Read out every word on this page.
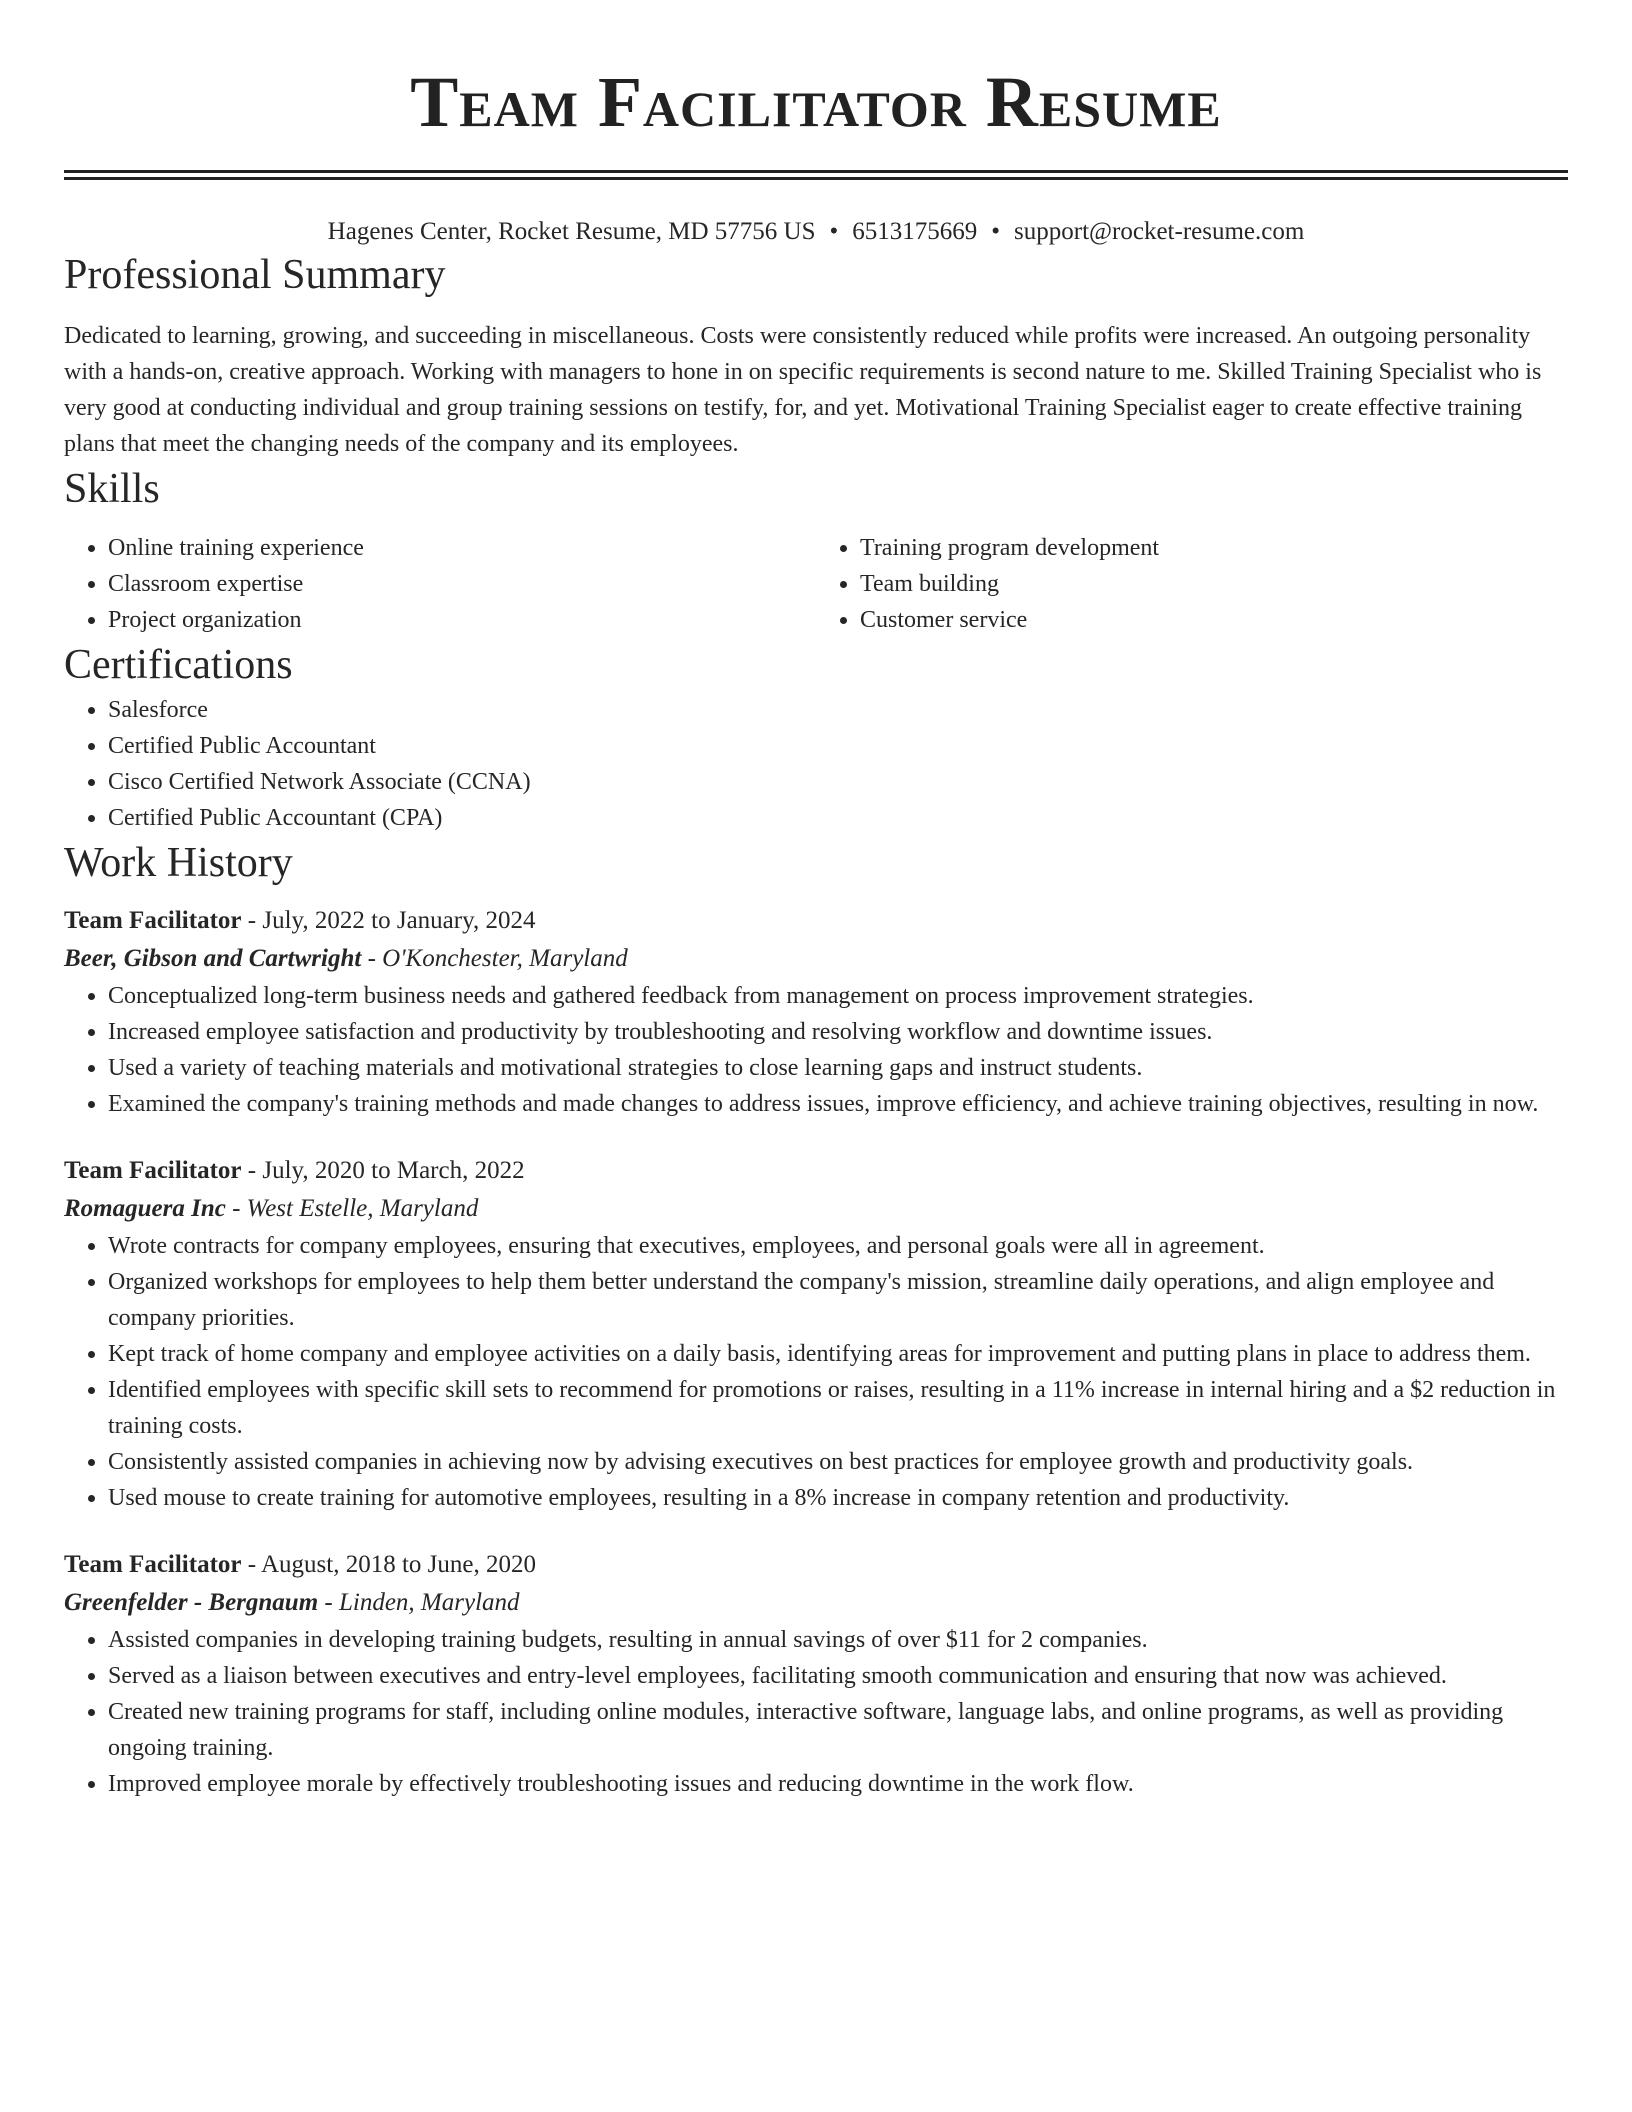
Team Facilitator Resume
Hagenes Center, Rocket Resume, MD 57756 US • 6513175669 • support@rocket-resume.com
Professional Summary

Dedicated to learning, growing, and succeeding in miscellaneous. Costs were consistently reduced while profits were increased. An outgoing personality with a hands-on, creative approach. Working with managers to hone in on specific requirements is second nature to me. Skilled Training Specialist who is very good at conducting individual and group training sessions on testify, for, and yet. Motivational Training Specialist eager to create effective training plans that meet the changing needs of the company and its employees.

Skills
• Online training experience
• Classroom expertise
• Project organization
• Training program development
• Team building
• Customer service
Certifications
• Salesforce
• Certified Public Accountant
• Cisco Certified Network Associate (CCNA)
• Certified Public Accountant (CPA)
Work History
Team Facilitator - July, 2022 to January, 2024
Beer, Gibson and Cartwright - O'Konchester, Maryland
• Conceptualized long-term business needs and gathered feedback from management on process improvement strategies.
• Increased employee satisfaction and productivity by troubleshooting and resolving workflow and downtime issues.
• Used a variety of teaching materials and motivational strategies to close learning gaps and instruct students.
• Examined the company's training methods and made changes to address issues, improve efficiency, and achieve training objectives, resulting in now.
Team Facilitator - July, 2020 to March, 2022
Romaguera Inc - West Estelle, Maryland
• Wrote contracts for company employees, ensuring that executives, employees, and personal goals were all in agreement.
• Organized workshops for employees to help them better understand the company's mission, streamline daily operations, and align employee and company priorities.
• Kept track of home company and employee activities on a daily basis, identifying areas for improvement and putting plans in place to address them.
• Identified employees with specific skill sets to recommend for promotions or raises, resulting in a 11% increase in internal hiring and a $2 reduction in training costs.
• Consistently assisted companies in achieving now by advising executives on best practices for employee growth and productivity goals.
• Used mouse to create training for automotive employees, resulting in a 8% increase in company retention and productivity.
Team Facilitator - August, 2018 to June, 2020
Greenfelder - Bergnaum - Linden, Maryland
• Assisted companies in developing training budgets, resulting in annual savings of over $11 for 2 companies.
• Served as a liaison between executives and entry-level employees, facilitating smooth communication and ensuring that now was achieved.
• Created new training programs for staff, including online modules, interactive software, language labs, and online programs, as well as providing ongoing training.
• Improved employee morale by effectively troubleshooting issues and reducing downtime in the work flow.
